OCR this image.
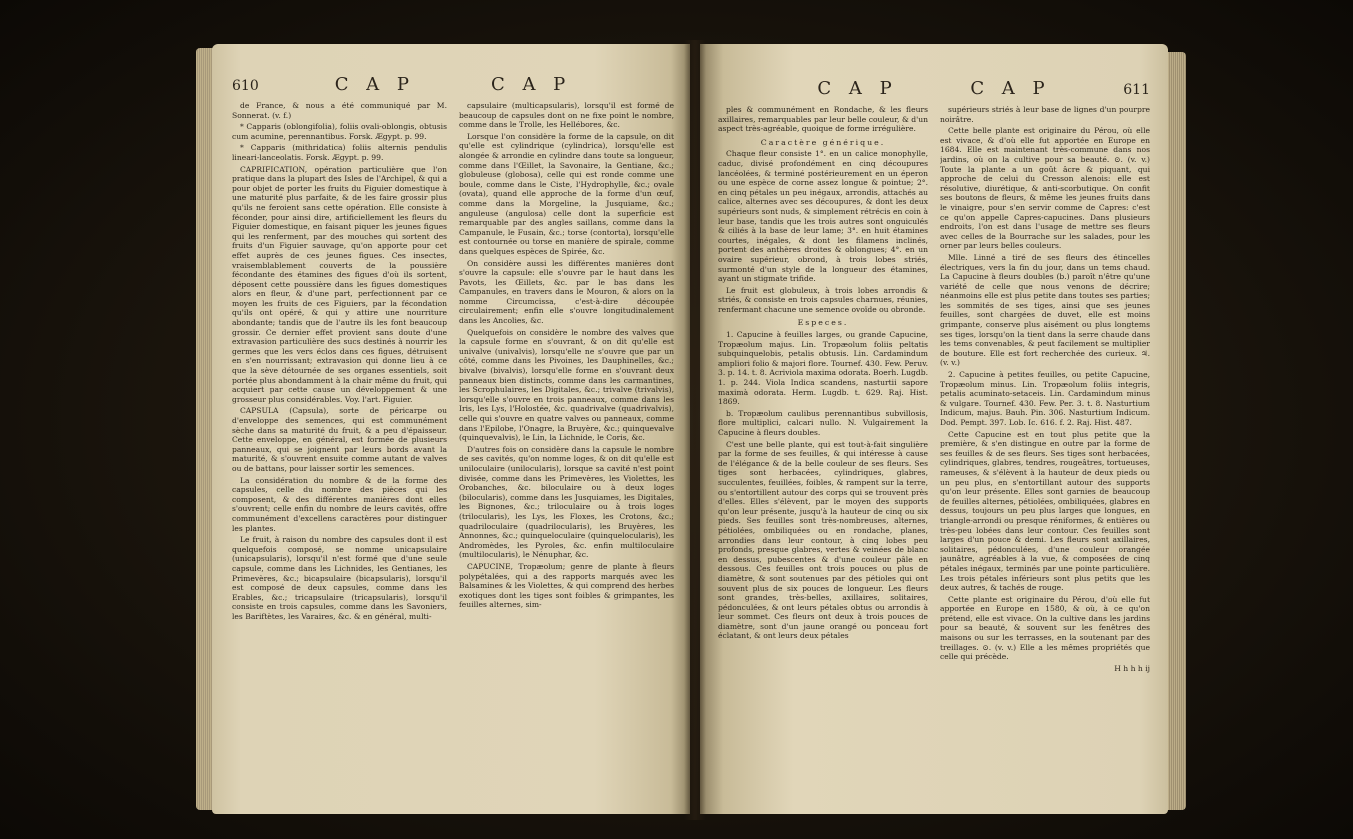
610	C A P	C A P

de France, & nous a été communiqué par M. Sonnerat. (v. f.)

* Capparis (oblongifolia), foliis ovali-oblongis, obtusis cum acumine, perennantibus. Forsk. Ægypt. p. 99.

* Capparis (mithridatica) foliis alternis pendulis lineari-lanceolatis. Forsk. Ægypt. p. 99.

CAPRIFICATION, opération particulière que l'on pratique dans la plupart des Isles de l'Archipel, & qui a pour objet de porter les fruits du Figuier domestique à une maturité plus parfaite, & de les faire grossir plus qu'ils ne feroient sans cette opération. Elle consiste à féconder, pour ainsi dire, artificiellement les fleurs du Figuier domestique, en faisant piquer les jeunes figues qui les renferment, par des mouches qui sortent des fruits d'un Figuier sauvage, qu'on apporte pour cet effet auprès de ces jeunes figues. Ces insectes, vraisemblablement couverts de la poussière fécondante des étamines des figues d'où ils sortent, déposent cette poussière dans les figues domestiques alors en fleur, & d'une part, perfectionnent par ce moyen les fruits de ces Figuiers, par la fécondation qu'ils ont opéré, & qui y attire une nourriture abondante; tandis que de l'autre ils les font beaucoup grossir. Ce dernier effet provient sans doute d'une extravasion particulière des sucs destinés à nourrir les germes que les vers éclos dans ces figues, détruisent en s'en nourrissant; extravasion qui donne lieu à ce que la sève détournée de ses organes essentiels, soit portée plus abondamment à la chair même du fruit, qui acquiert par cette cause un développement & une grosseur plus considérables. Voy. l'art. Figuier.

CAPSULA (Capsula), sorte de péricarpe ou d'enveloppe des semences, qui est communément sèche dans sa maturité du fruit, & a peu d'épaisseur. Cette enveloppe, en général, est formée de plusieurs panneaux, qui se joignent par leurs bords avant la maturité, & s'ouvrent ensuite comme autant de valves ou de battans, pour laisser sortir les semences.

La considération du nombre & de la forme des capsules, celle du nombre des pièces qui les composent, & des différentes manières dont elles s'ouvrent; celle enfin du nombre de leurs cavités, offre communément d'excellens caractères pour distinguer les plantes.

Le fruit, à raison du nombre des capsules dont il est quelquefois composé, se nomme unicapsulaire (unicapsularis), lorsqu'il n'est formé que d'une seule capsule, comme dans les Lichnides, les Gentianes, les Primevères, &c.; bicapsulaire (bicapsularis), lorsqu'il est composé de deux capsules, comme dans les Erables, &c.; tricapsulaire (tricapsularis), lorsqu'il consiste en trois capsules, comme dans les Savoniers, les Bariftètes, les Varaires, &c. & en général, multi-

capsulaire (multicapsularis), lorsqu'il est formé de beaucoup de capsules dont on ne fixe point le nombre, comme dans le Trolle, les Hellébores, &c.

Lorsque l'on considère la forme de la capsule, on dit qu'elle est cylindrique (cylindrica), lorsqu'elle est alongée & arrondie en cylindre dans toute sa longueur, comme dans l'Œillet, la Savonaire, la Gentiane, &c.; globuleuse (globosa), celle qui est ronde comme une boule, comme dans le Ciste, l'Hydrophylle, &c.; ovale (ovata), quand elle approche de la forme d'un œuf, comme dans la Morgeline, la Jusquiame, &c.; anguleuse (angulosa) celle dont la superficie est remarquable par des angles saillans, comme dans la Campanule, le Fusain, &c.; torse (contorta), lorsqu'elle est contournée ou torse en manière de spirale, comme dans quelques espèces de Spirée, &c.

On considère aussi les différentes manières dont s'ouvre la capsule: elle s'ouvre par le haut dans les Pavots, les Œillets, &c. par le bas dans les Campanules, en travers dans le Mouron, & alors on la nomme Circumcissa, c'est-à-dire découpée circulairement; enfin elle s'ouvre longitudinalement dans les Ancolies, &c.

Quelquefois on considère le nombre des valves que la capsule forme en s'ouvrant, & on dit qu'elle est univalve (univalvis), lorsqu'elle ne s'ouvre que par un côté, comme dans les Pivoines, les Dauphinelles, &c.; bivalve (bivalvis), lorsqu'elle forme en s'ouvrant deux panneaux bien distincts, comme dans les carmantines, les Scrophulaires, les Digitales, &c.; trivalve (trivalvis), lorsqu'elle s'ouvre en trois panneaux, comme dans les Iris, les Lys, l'Holostée, &c. quadrivalve (quadrivalvis), celle qui s'ouvre en quatre valves ou panneaux, comme dans l'Epilobe, l'Onagre, la Bruyère, &c.; quinquevalve (quinquevalvis), le Lin, la Lichnide, le Coris, &c.

D'autres fois on considère dans la capsule le nombre de ses cavités, qu'on nomme loges, & on dit qu'elle est uniloculaire (unilocularis), lorsque sa cavité n'est point divisée, comme dans les Primevères, les Violettes, les Orobanches, &c. biloculaire ou à deux loges (bilocularis), comme dans les Jusquiames, les Digitales, les Bignones, &c.; triloculaire ou à trois loges (trilocularis), les Lys, les Floxes, les Crotons, &c.; quadriloculaire (quadrilocularis), les Bruyères, les Annonnes, &c.; quinqueloculaire (quinquelocularis), les Andromèdes, les Pyroles, &c. enfin multiloculaire (multilocularis), le Nénuphar, &c.

CAPUCINE, Tropæolum; genre de plante à fleurs polypétalées, qui a des rapports marqués avec les Balsamines & les Violettes, & qui comprend des herbes exotiques dont les tiges sont foibles & grimpantes, les feuilles alternes, sim-

C A P	C A P	611

ples & communément en Rondache, & les fleurs axillaires, remarquables par leur belle couleur, & d'un aspect très-agréable, quoique de forme irrégulière.

Caractère générique.

Chaque fleur consiste 1°. en un calice monophylle, caduc, divisé profondément en cinq découpures lancéolées, & terminé postérieurement en un éperon ou une espèce de corne assez longue & pointue; 2°. en cinq pétales un peu inégaux, arrondis, attachés au calice, alternes avec ses découpures, & dont les deux supérieurs sont nuds, & simplement rétrécis en coin à leur base, tandis que les trois autres sont onguiculés & ciliés à la base de leur lame; 3°. en huit étamines courtes, inégales, & dont les filamens inclinés, portent des anthères droites & oblongues; 4°. en un ovaire supérieur, obrond, à trois lobes striés, surmonté d'un style de la longueur des étamines, ayant un stigmate trifide.

Le fruit est globuleux, à trois lobes arrondis & striés, & consiste en trois capsules charnues, réunies, renfermant chacune une semence ovoïde ou obronde.

Especes.

1. Capucine à feuilles larges, ou grande Capucine, Tropæolum majus. Lin. Tropæolum foliis peltatis subquinquelobis, petalis obtusis. Lin. Cardamindum ampliori folio & majori flore. Tournef. 430. Few. Peruv. 3. p. 14. t. 8. Acriviola maxima odorata. Boerh. Lugdb. 1. p. 244. Viola Indica scandens, nasturtii sapore maximà odorata. Herm. Lugdb. t. 629. Raj. Hist. 1869.

b. Tropæolum caulibus perennantibus subvillosis, flore multiplici, calcari nullo. N. Vulgairement la Capucine à fleurs doubles.

C'est une belle plante, qui est tout-à-fait singulière par la forme de ses feuilles, & qui intéresse à cause de l'élégance & de la belle couleur de ses fleurs. Ses tiges sont herbacées, cylindriques, glabres, succulentes, feuillées, foibles, & rampent sur la terre, ou s'entortillent autour des corps qui se trouvent près d'elles. Elles s'élèvent, par le moyen des supports qu'on leur présente, jusqu'à la hauteur de cinq ou six pieds. Ses feuilles sont très-nombreuses, alternes, pétiolées, ombiliquées ou en rondache, planes, arrondies dans leur contour, à cinq lobes peu profonds, presque glabres, vertes & veinées de blanc en dessus, pubescentes & d'une couleur pâle en dessous. Ces feuilles ont trois pouces ou plus de diamètre, & sont soutenues par des pétioles qui ont souvent plus de six pouces de longueur. Les fleurs sont grandes, très-belles, axillaires, solitaires, pédonculées, & ont leurs pétales obtus ou arrondis à leur sommet. Ces fleurs ont deux à trois pouces de diamètre, sont d'un jaune orangé ou ponceau fort éclatant, & ont leurs deux pétales

supérieurs striés à leur base de lignes d'un pourpre noirâtre.

Cette belle plante est originaire du Pérou, où elle est vivace, & d'où elle fut apportée en Europe en 1684. Elle est maintenant très-commune dans nos jardins, où on la cultive pour sa beauté. ⊙. (v. v.) Toute la plante a un goût âcre & piquant, qui approche de celui du Cresson alenois: elle est résolutive, diurétique, & anti-scorbutique. On confit ses boutons de fleurs, & même les jeunes fruits dans le vinaigre, pour s'en servir comme de Capres: c'est ce qu'on appelle Capres-capucines. Dans plusieurs endroits, l'on est dans l'usage de mettre ses fleurs avec celles de la Bourrache sur les salades, pour les orner par leurs belles couleurs.

Mlle. Linné a tiré de ses fleurs des étincelles électriques, vers la fin du jour, dans un tems chaud. La Capucine à fleurs doubles (b.) paroît n'être qu'une variété de celle que nous venons de décrire; néanmoins elle est plus petite dans toutes ses parties; les sommités de ses tiges, ainsi que ses jeunes feuilles, sont chargées de duvet, elle est moins grimpante, conserve plus aisément ou plus longtems ses tiges, lorsqu'on la tient dans la serre chaude dans les tems convenables, & peut facilement se multiplier de bouture. Elle est fort recherchée des curieux. ♃. (v. v.)

2. Capucine à petites feuilles, ou petite Capucine, Tropæolum minus. Lin. Tropæolum foliis integris, petalis acuminato-setaceis. Lin. Cardamindum minus & vulgare. Tournef. 430. Few. Per. 3. t. 8. Nasturtium Indicum, majus. Bauh. Pin. 306. Nasturtium Indicum. Dod. Pempt. 397. Lob. Ic. 616. f. 2. Raj. Hist. 487.

Cette Capucine est en tout plus petite que la première, & s'en distingue en outre par la forme de ses feuilles & de ses fleurs. Ses tiges sont herbacées, cylindriques, glabres, tendres, rougeâtres, tortueuses, rameuses, & s'élèvent à la hauteur de deux pieds ou un peu plus, en s'entortillant autour des supports qu'on leur présente. Elles sont garnies de beaucoup de feuilles alternes, pétiolées, ombiliquées, glabres en dessus, toujours un peu plus larges que longues, en triangle-arrondi ou presque réniformes, & entières ou très-peu lobées dans leur contour. Ces feuilles sont larges d'un pouce & demi. Les fleurs sont axillaires, solitaires, pédonculées, d'une couleur orangée jaunâtre, agréables à la vue, & composées de cinq pétales inégaux, terminés par une pointe particulière. Les trois pétales inférieurs sont plus petits que les deux autres, & tachés de rouge.

Cette plante est originaire du Pérou, d'où elle fut apportée en Europe en 1580, & où, à ce qu'on prétend, elle est vivace. On la cultive dans les jardins pour sa beauté, & souvent sur les fenêtres des maisons ou sur les terrasses, en la soutenant par des treillages. ⊙. (v. v.) Elle a les mêmes propriétés que celle qui précède.

H h h h ij
